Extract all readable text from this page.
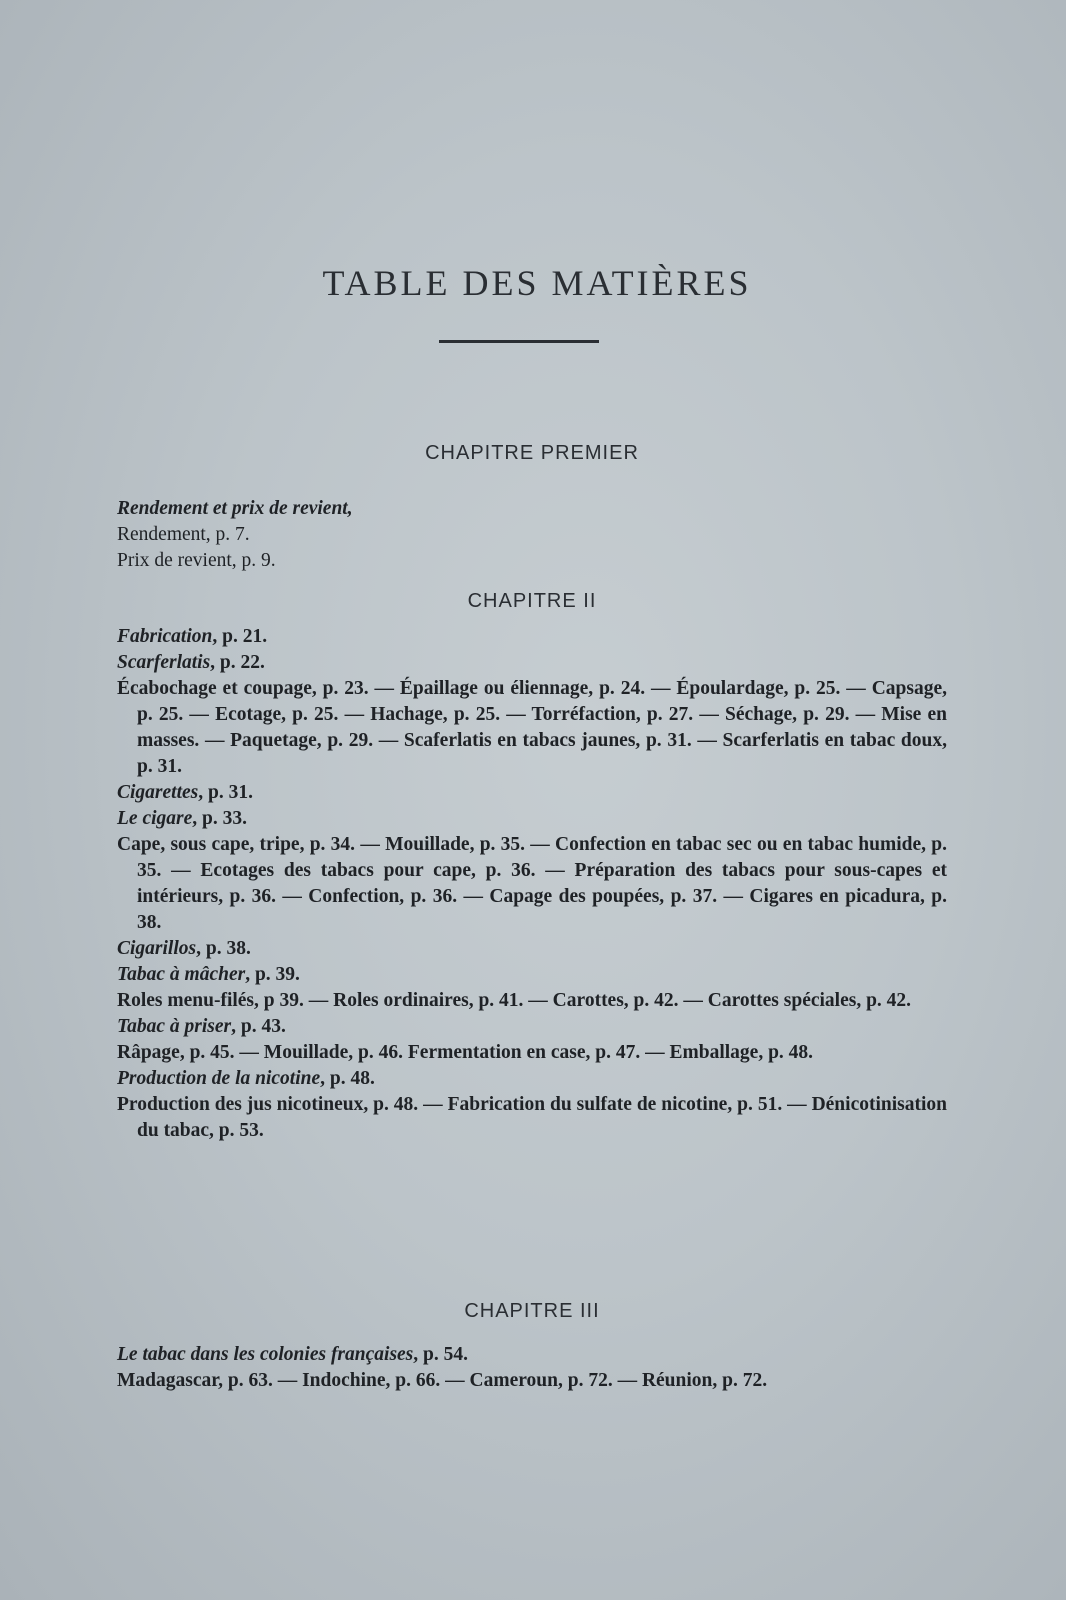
TABLE DES MATIÈRES
CHAPITRE PREMIER
Rendement et prix de revient,
Rendement, p. 7.
Prix de revient, p. 9.
CHAPITRE II
Fabrication, p. 21.
Scarferlatis, p. 22.
Écabochage et coupage, p. 23. — Épaillage ou éliennage, p. 24. — Époulardage, p. 25. — Capsage, p. 25. — Ecotage, p. 25. — Hachage, p. 25. — Torréfaction, p. 27. — Séchage, p. 29. — Mise en masses. — Paquetage, p. 29. — Scaferlatis en tabacs jaunes, p. 31. — Scarferlatis en tabac doux, p. 31.
Cigarettes, p. 31.
Le cigare, p. 33.
Cape, sous cape, tripe, p. 34. — Mouillade, p. 35. — Confection en tabac sec ou en tabac humide, p. 35. — Ecotages des tabacs pour cape, p. 36. — Préparation des tabacs pour sous-capes et intérieurs, p. 36. — Confection, p. 36. — Capage des poupées, p. 37. — Cigares en picadura, p. 38.
Cigarillos, p. 38.
Tabac à mâcher, p. 39.
Roles menu-filés, p 39. — Roles ordinaires, p. 41. — Carottes, p. 42. — Carottes spéciales, p. 42.
Tabac à priser, p. 43.
Râpage, p. 45. — Mouillade, p. 46. Fermentation en case, p. 47. — Emballage, p. 48.
Production de la nicotine, p. 48.
Production des jus nicotineux, p. 48. — Fabrication du sulfate de nicotine, p. 51. — Dénicotinisation du tabac, p. 53.
CHAPITRE III
Le tabac dans les colonies françaises, p. 54.
Madagascar, p. 63. — Indochine, p. 66. — Cameroun, p. 72. — Réunion, p. 72.
